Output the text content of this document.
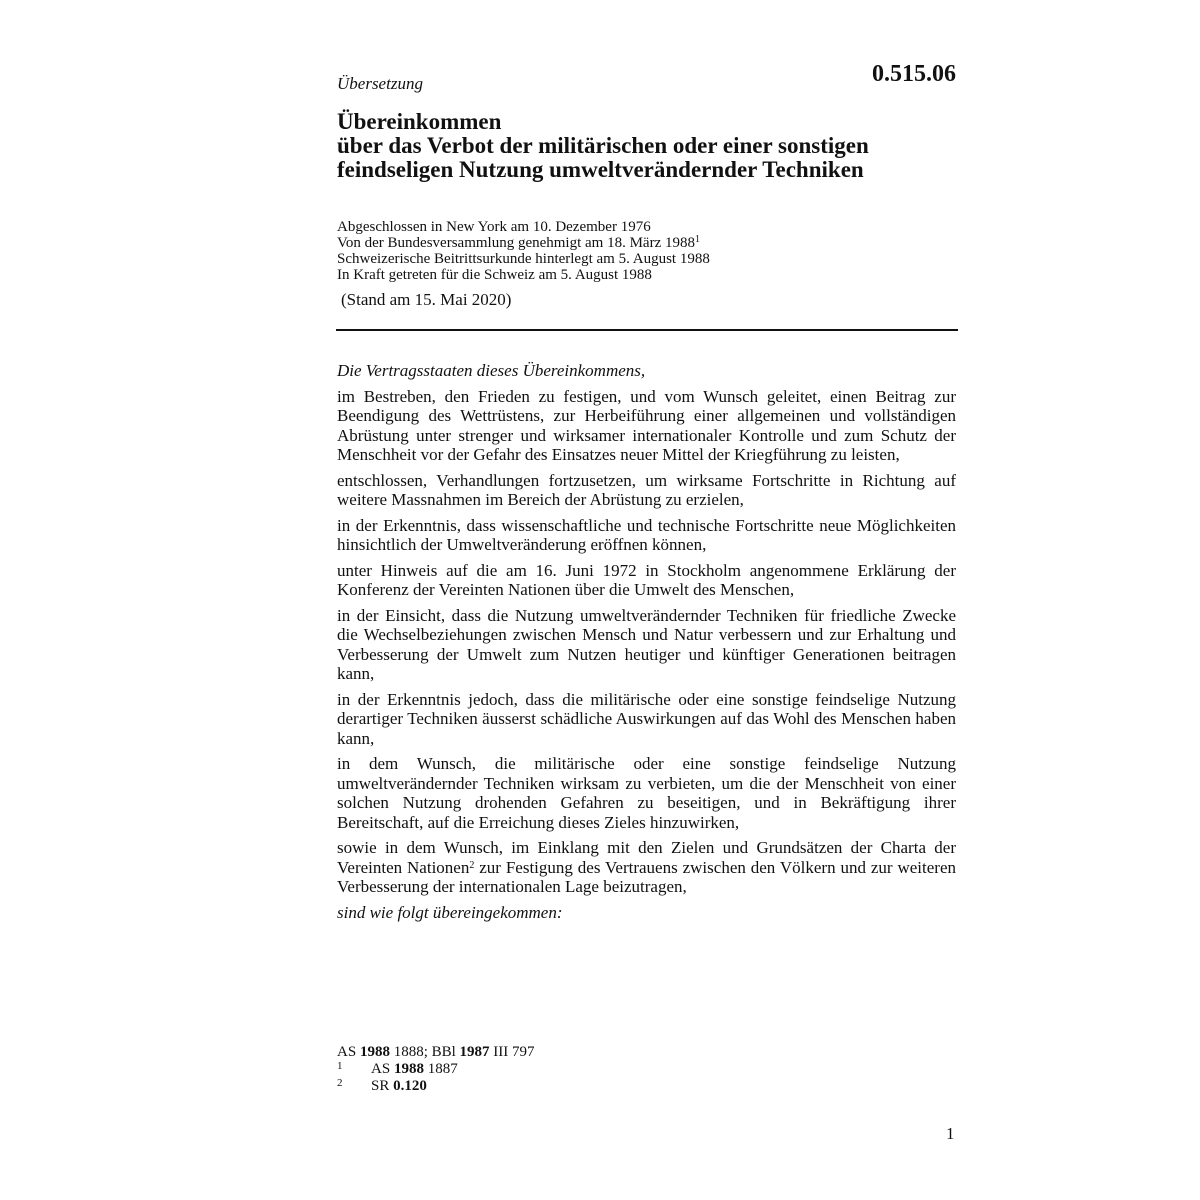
Übersetzung	0.515.06
Übereinkommen
über das Verbot der militärischen oder einer sonstigen
feindseligen Nutzung umweltverändernder Techniken
Abgeschlossen in New York am 10. Dezember 1976
Von der Bundesversammlung genehmigt am 18. März 1988$^1$
Schweizerische Beitrittsurkunde hinterlegt am 5. August 1988
In Kraft getreten für die Schweiz am 5. August 1988
(Stand am 15. Mai 2020)

Die Vertragsstaaten dieses Übereinkommens,

im Bestreben, den Frieden zu festigen, und vom Wunsch geleitet, einen Beitrag zur Beendigung des Wettrüstens, zur Herbeiführung einer allgemeinen und vollständigen Abrüstung unter strenger und wirksamer internationaler Kontrolle und zum Schutz der Menschheit vor der Gefahr des Einsatzes neuer Mittel der Kriegführung zu leisten,

entschlossen, Verhandlungen fortzusetzen, um wirksame Fortschritte in Richtung auf weitere Massnahmen im Bereich der Abrüstung zu erzielen,

in der Erkenntnis, dass wissenschaftliche und technische Fortschritte neue Möglichkeiten hinsichtlich der Umweltveränderung eröffnen können,

unter Hinweis auf die am 16. Juni 1972 in Stockholm angenommene Erklärung der Konferenz der Vereinten Nationen über die Umwelt des Menschen,

in der Einsicht, dass die Nutzung umweltverändernder Techniken für friedliche Zwecke die Wechselbeziehungen zwischen Mensch und Natur verbessern und zur Erhaltung und Verbesserung der Umwelt zum Nutzen heutiger und künftiger Generationen beitragen kann,

in der Erkenntnis jedoch, dass die militärische oder eine sonstige feindselige Nutzung derartiger Techniken äusserst schädliche Auswirkungen auf das Wohl des Menschen haben kann,

in dem Wunsch, die militärische oder eine sonstige feindselige Nutzung umweltverändernder Techniken wirksam zu verbieten, um die der Menschheit von einer solchen Nutzung drohenden Gefahren zu beseitigen, und in Bekräftigung ihrer Bereitschaft, auf die Erreichung dieses Zieles hinzuwirken,

sowie in dem Wunsch, im Einklang mit den Zielen und Grundsätzen der Charta der Vereinten Nationen$^2$ zur Festigung des Vertrauens zwischen den Völkern und zur weiteren Verbesserung der internationalen Lage beizutragen,

sind wie folgt übereingekommen:

AS 1988 1888; BBl 1987 III 797
1 AS 1988 1887
2 SR 0.120
1
